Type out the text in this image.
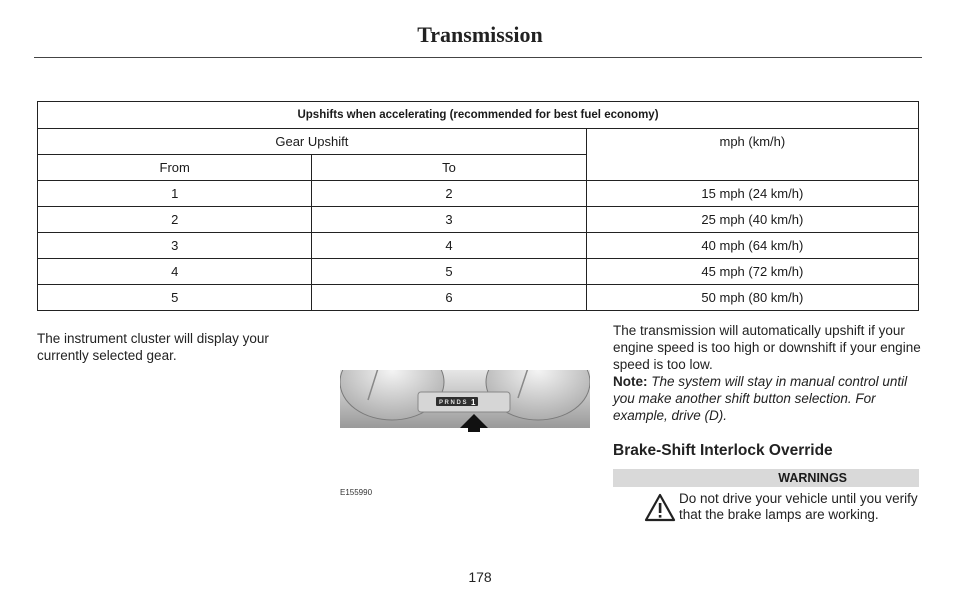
Transmission
Upshifts when accelerating (recommended for best fuel economy)		
Gear Upshift		mph (km/h)
From	To	
1	2	15 mph (24 km/h)
2	3	25 mph (40 km/h)
3	4	40 mph (64 km/h)
4	5	45 mph (72 km/h)
5	6	50 mph (80 km/h)
The instrument cluster will display your currently selected gear.
P R N D S 1
E155990
The transmission will automatically upshift if your engine speed is too high or downshift if your engine speed is too low.
Note: The system will stay in manual control until you make another shift button selection. For example, drive (D).
Brake-Shift Interlock Override
WARNINGS
Do not drive your vehicle until you verify that the brake lamps are working.
178
